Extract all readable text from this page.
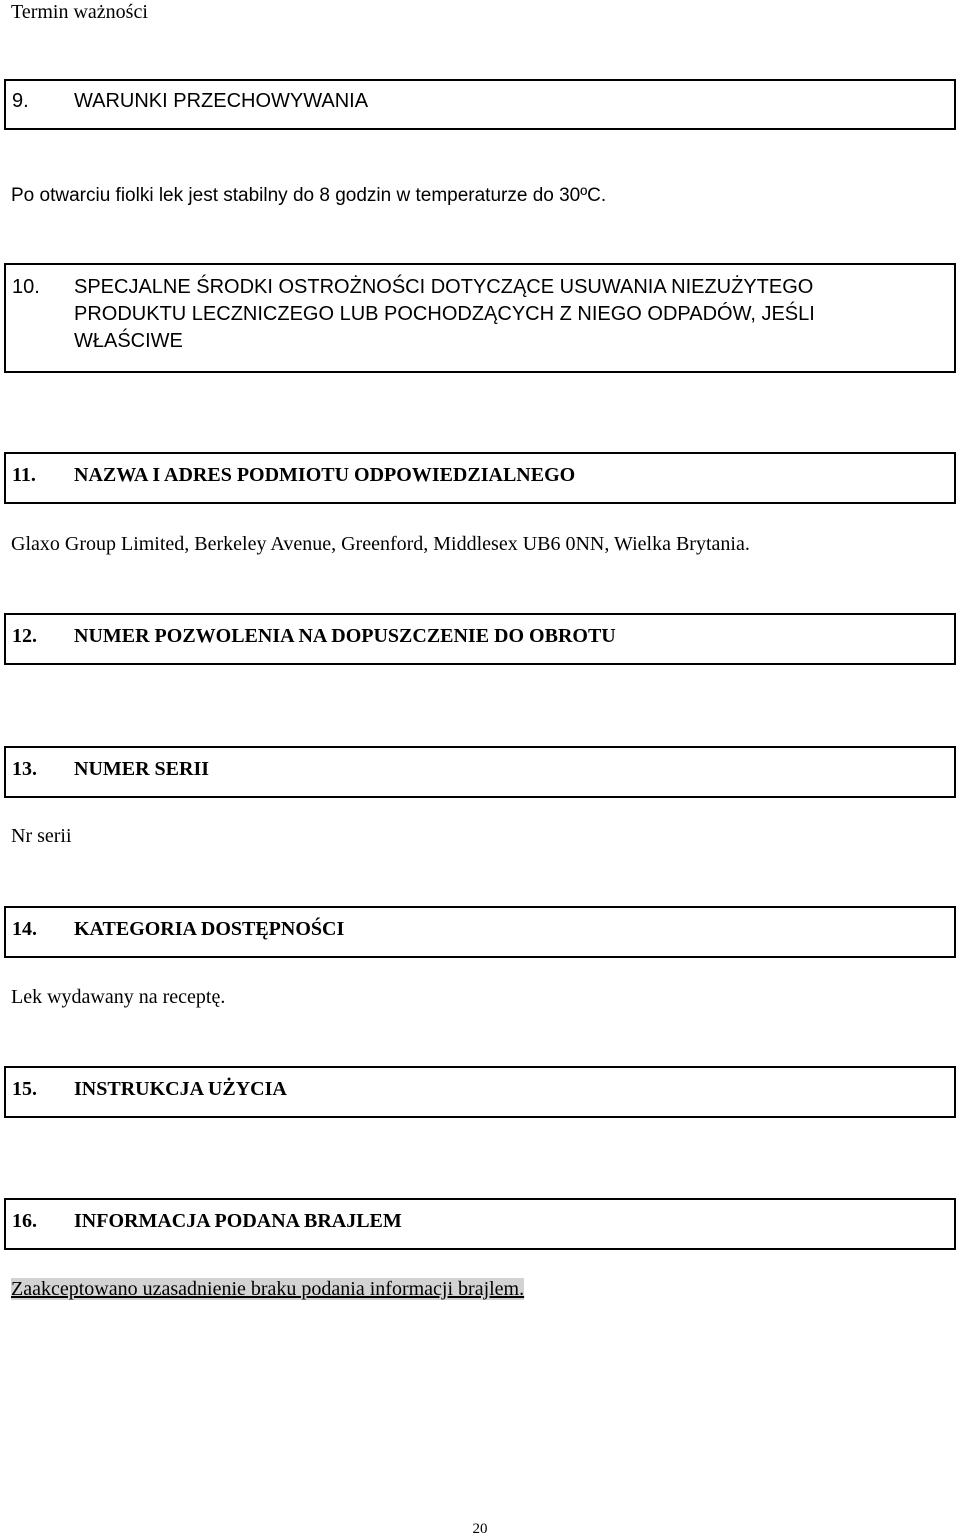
Termin ważności

9. WARUNKI PRZECHOWYWANIA

Po otwarciu fiolki lek jest stabilny do 8 godzin w temperaturze do 30ºC.

10. SPECJALNE ŚRODKI OSTROŻNOŚCI DOTYCZĄCE USUWANIA NIEZUŻYTEGO
PRODUKTU LECZNICZEGO LUB POCHODZĄCYCH Z NIEGO ODPADÓW, JEŚLI
WŁAŚCIWE
11. NAZWA I ADRES PODMIOTU ODPOWIEDZIALNEGO

Glaxo Group Limited, Berkeley Avenue, Greenford, Middlesex UB6 0NN, Wielka Brytania.

12. NUMER POZWOLENIA NA DOPUSZCZENIE DO OBROTU
13. NUMER SERII

Nr serii

14. KATEGORIA DOSTĘPNOŚCI

Lek wydawany na receptę.

15. INSTRUKCJA UŻYCIA
16. INFORMACJA PODANA BRAJLEM

Zaakceptowano uzasadnienie braku podania informacji brajlem.

20
